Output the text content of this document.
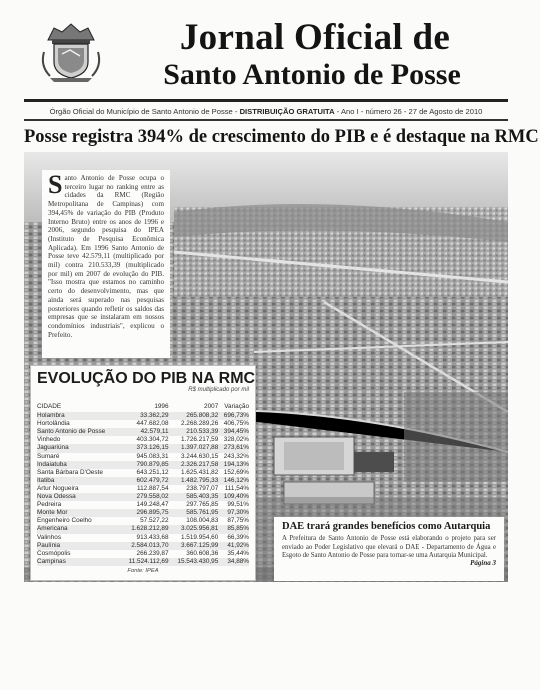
Jornal Oficial de
Santo Antonio de Posse
Órgão Oficial do Município de Santo Antonio de Posse - DISTRIBUIÇÃO GRATUITA - Ano I - número 26 - 27 de Agosto de 2010
Posse registra 394% de crescimento do PIB e é destaque na RMC
Santo Antonio de Posse ocupa o terceiro lugar no ranking entre as cidades da RMC (Região Metropolitana de Campinas) com 394,45% de variação do PIB (Produto Interno Bruto) entre os anos de 1996 e 2006, segundo pesquisa do IPEA (Instituto de Pesquisa Econômica Aplicada). Em 1996 Santo Antonio de Posse teve 42.579,11 (multiplicado por mil) contra 210.533,39 (multiplicado por mil) em 2007 de evolução do PIB. "Isso mostra que estamos no caminho certo do desenvolvimento, mas que ainda será superado nas pesquisas posteriores quando refletir os saldos das empresas que se instalaram em nossos condomínios industriais", explicou o Prefeito.
EVOLUÇÃO DO PIB NA RMC
R$ multiplicado por mil
CIDADE	1996	2007	Variação
Holambra	33.362,29	265.808,32	696,73%
Hortolândia	447.682,08	2.268.289,26	406,75%
Santo Antonio de Posse	42.579,11	210.533,39	394,45%
Vinhedo	403.304,72	1.726.217,59	328,02%
Jaguariúna	373.126,15	1.397.027,88	273,61%
Sumaré	945.083,31	3.244.630,15	243,32%
Indaiatuba	790.879,85	2.326.217,58	194,13%
Santa Bárbara D'Oeste	643.251,12	1.625.431,82	152,69%
Itatiba	602.479,72	1.482.795,33	146,12%
Artur Nogueira	112.887,54	238.797,07	111,54%
Nova Odessa	279.558,02	585.403,35	109,40%
Pedreira	149.248,47	297.765,85	99,51%
Monte Mor	296.895,75	585.761,95	97,30%
Engenheiro Coelho	57.527,22	108.004,83	87,75%
Americana	1.628.212,89	3.025.956,81	85,85%
Valinhos	913.433,68	1.519.954,60	66,39%
Paulínia	2.584.013,70	3.667.125,99	41,92%
Cosmópolis	266.239,87	360.608,36	35,44%
Campinas	11.524.112,69	15.543.430,95	34,88%
Fonte: IPEA
DAE trará grandes benefícios como Autarquia
A Prefeitura de Santo Antonio de Posse está elaborando o projeto para ser enviado ao Poder Legislativo que elevará o DAE - Departamento de Água e Esgoto de Santo Antonio de Posse para tornar-se uma Autarquia Municipal.
Página 3
